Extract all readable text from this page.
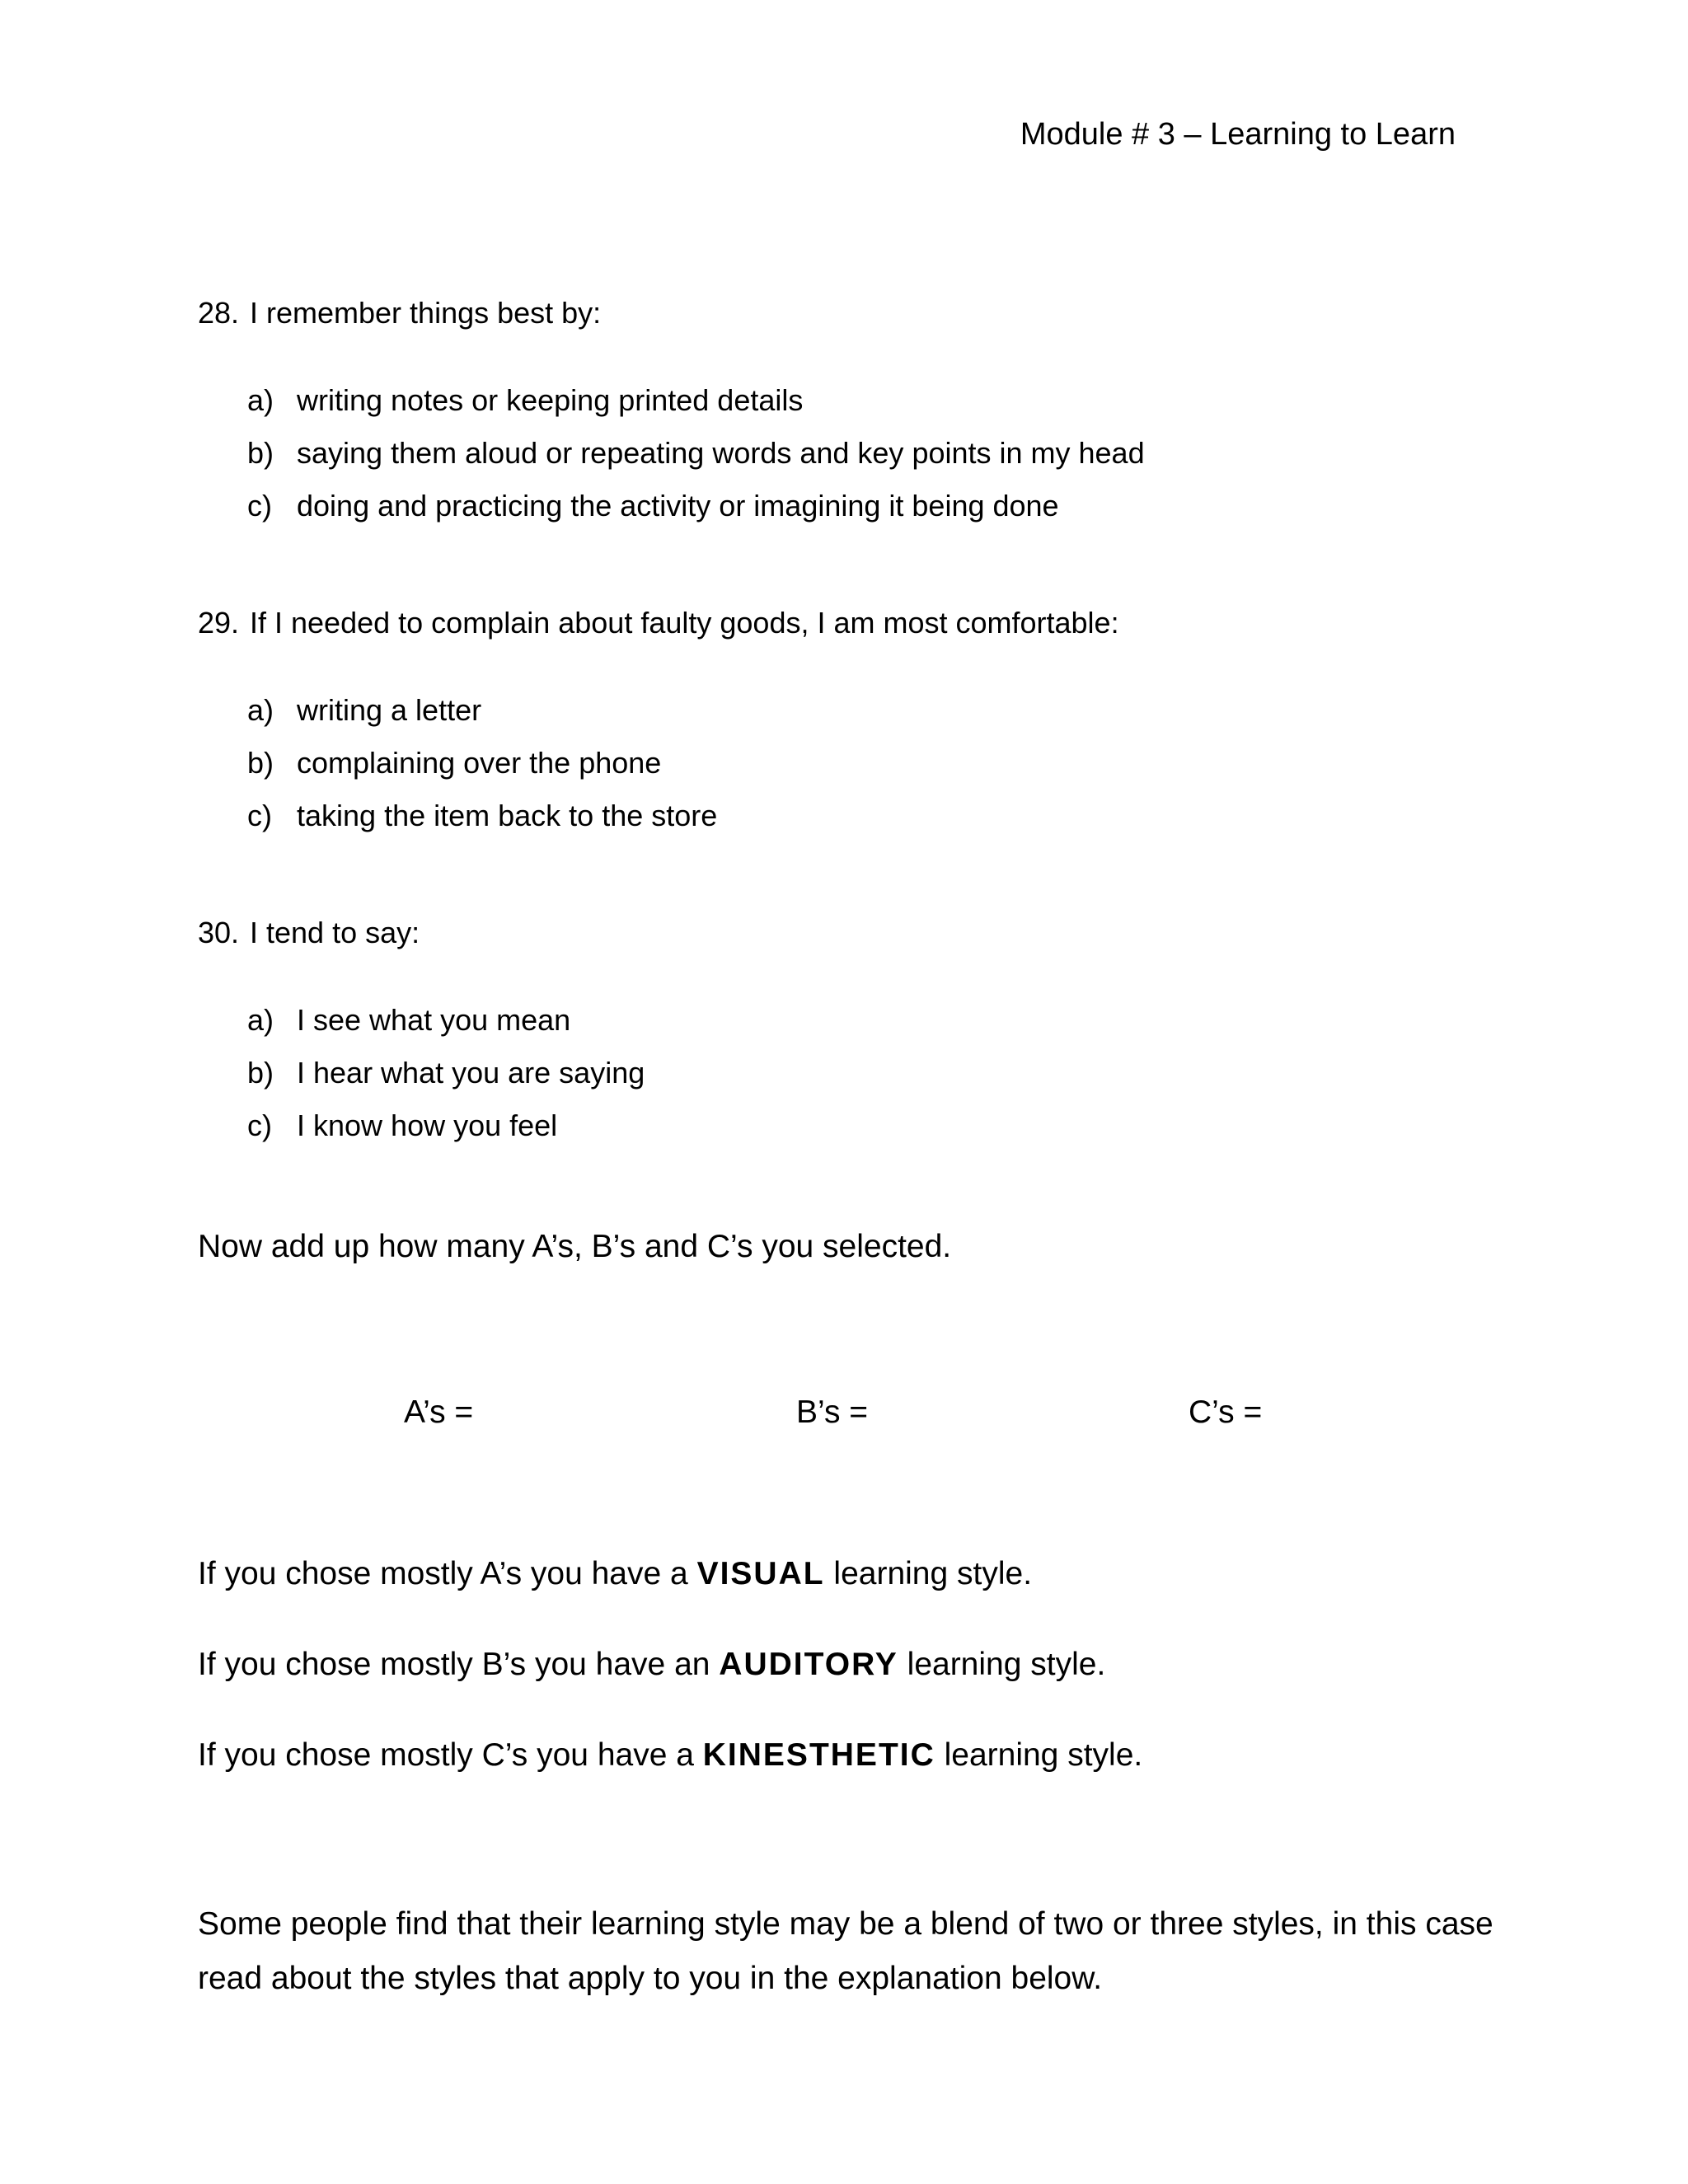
Module # 3 – Learning to Learn
28. I remember things best by:
a) writing notes or keeping printed details
b) saying them aloud or repeating words and key points in my head
c) doing and practicing the activity or imagining it being done
29. If I needed to complain about faulty goods, I am most comfortable:
a) writing a letter
b) complaining over the phone
c) taking the item back to the store
30. I tend to say:
a) I see what you mean
b) I hear what you are saying
c) I know how you feel
Now add up how many A’s, B’s and C’s you selected.
A’s =	B’s =	C’s =
If you chose mostly A’s you have a VISUAL learning style.
If you chose mostly B’s you have an AUDITORY learning style.
If you chose mostly C’s you have a KINESTHETIC learning style.
Some people find that their learning style may be a blend of two or three styles, in this case read about the styles that apply to you in the explanation below.
